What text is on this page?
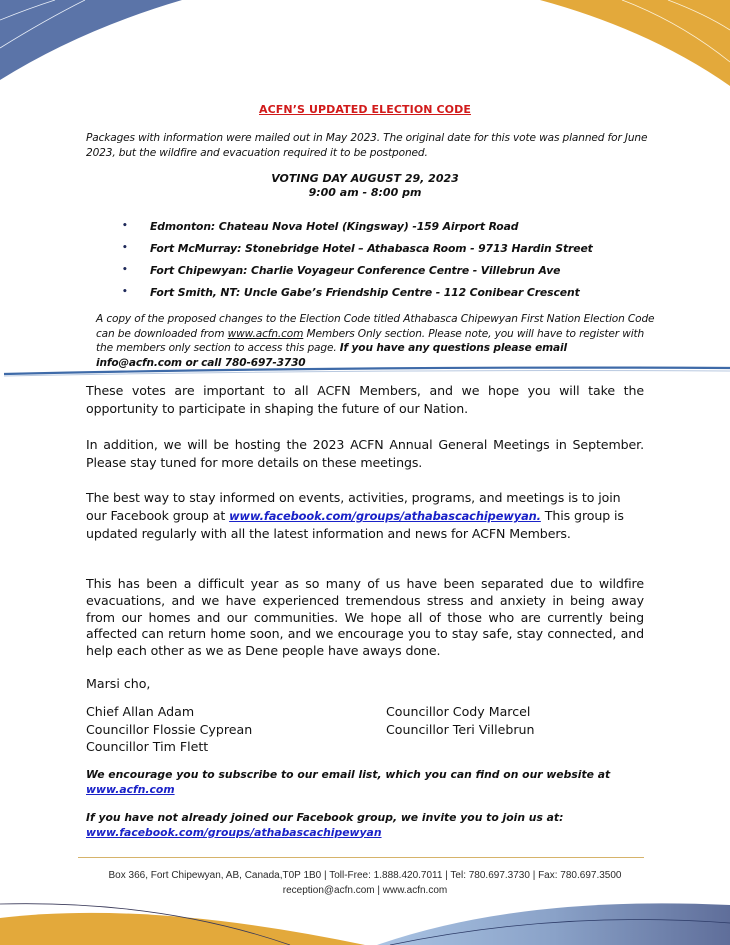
ACFN’S UPDATED ELECTION CODE
Packages with information were mailed out in May 2023. The original date for this vote was planned for June 2023, but the wildfire and evacuation required it to be postponed.
VOTING DAY AUGUST 29, 2023
9:00 am - 8:00 pm
•	Edmonton: Chateau Nova Hotel (Kingsway) -159 Airport Road
•	Fort McMurray: Stonebridge Hotel – Athabasca Room - 9713 Hardin Street
•	Fort Chipewyan: Charlie Voyageur Conference Centre - Villebrun Ave
•	Fort Smith, NT: Uncle Gabe’s Friendship Centre - 112 Conibear Crescent
A copy of the proposed changes to the Election Code titled Athabasca Chipewyan First Nation Election Code can be downloaded from www.acfn.com Members Only section. Please note, you will have to register with the members only section to access this page. If you have any questions please email info@acfn.com or call 780-697-3730
These votes are important to all ACFN Members, and we hope you will take the opportunity to participate in shaping the future of our Nation.
In addition, we will be hosting the 2023 ACFN Annual General Meetings in September. Please stay tuned for more details on these meetings.
The best way to stay informed on events, activities, programs, and meetings is to join our Facebook group at www.facebook.com/groups/athabascachipewyan. This group is updated regularly with all the latest information and news for ACFN Members.
This has been a difficult year as so many of us have been separated due to wildfire evacuations, and we have experienced tremendous stress and anxiety in being away from our homes and our communities. We hope all of those who are currently being affected can return home soon, and we encourage you to stay safe, stay connected, and help each other as we as Dene people have aways done.
Marsi cho,
Chief Allan Adam
Councillor Flossie Cyprean
Councillor Tim Flett
Councillor Cody Marcel
Councillor Teri Villebrun
We encourage you to subscribe to our email list, which you can find on our website at
www.acfn.com
If you have not already joined our Facebook group, we invite you to join us at:
www.facebook.com/groups/athabascachipewyan
Box 366, Fort Chipewyan, AB, Canada,T0P 1B0 | Toll-Free: 1.888.420.7011 | Tel: 780.697.3730 | Fax: 780.697.3500
reception@acfn.com | www.acfn.com
